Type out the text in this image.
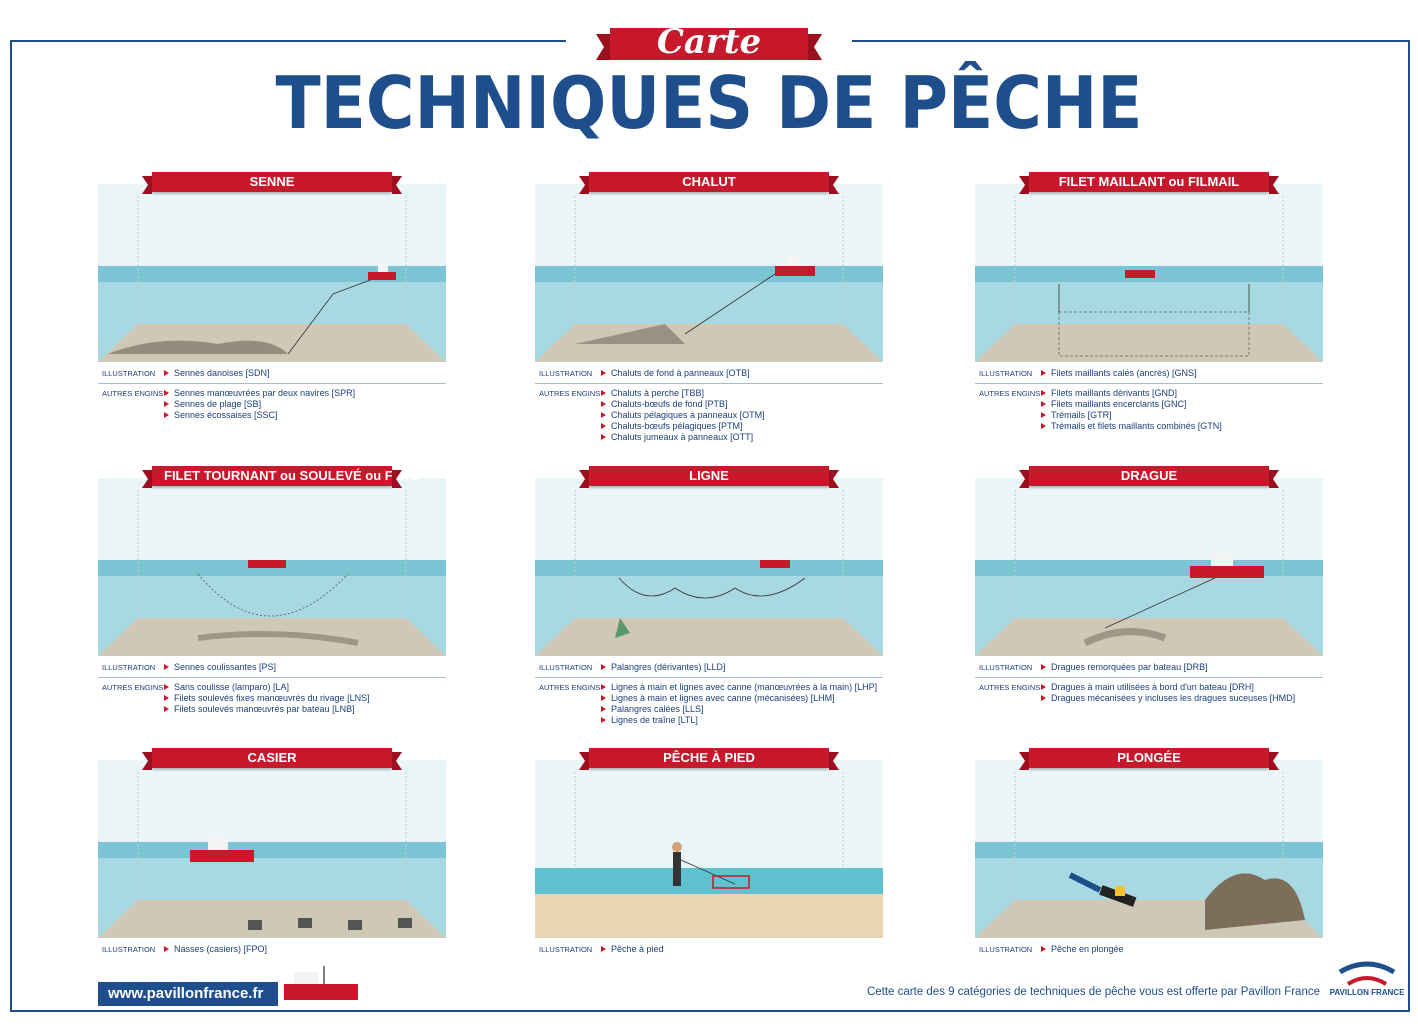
Carte
TECHNIQUES DE PÊCHE
SENNE
ILLUSTRATION	Sennes danoises [SDN]
AUTRES ENGINS	Sennes manœuvrées par deux navires [SPR]
Sennes de plage [SB]
Sennes écossaises [SSC]
CHALUT
ILLUSTRATION	Chaluts de fond à panneaux [OTB]
AUTRES ENGINS	Chaluts à perche [TBB]
Chaluts-bœufs de fond [PTB]
Chaluts pélagiques à panneaux [OTM]
Chaluts-bœufs pélagiques [PTM]
Chaluts jumeaux à panneaux [OTT]
FILET MAILLANT ou FILMAIL
ILLUSTRATION	Filets maillants calés (ancrés) [GNS]
AUTRES ENGINS	Filets maillants dérivants [GND]
Filets maillants encerclants [GNC]
Trémails [GTR]
Trémails et filets maillants combinés [GTN]
FILET TOURNANT ou SOULEVÉ ou FILTS
ILLUSTRATION	Sennes coulissantes [PS]
AUTRES ENGINS	Sans coulisse (lamparo) [LA]
Filets soulevés fixes manœuvrés du rivage [LNS]
Filets soulevés manœuvrés par bateau [LNB]
LIGNE
ILLUSTRATION	Palangres (dérivantes) [LLD]
AUTRES ENGINS	Lignes à main et lignes avec canne (manœuvrées à la main) [LHP]
Lignes à main et lignes avec canne (mécanisées) [LHM]
Palangres calées [LLS]
Lignes de traîne [LTL]
DRAGUE
ILLUSTRATION	Dragues remorquées par bateau [DRB]
AUTRES ENGINS	Dragues à main utilisées à bord d'un bateau [DRH]
Dragues mécanisées y incluses les dragues suceuses [HMD]
CASIER
ILLUSTRATION	Nasses (casiers) [FPO]
PÊCHE À PIED
ILLUSTRATION	Pêche à pied
PLONGÉE
ILLUSTRATION	Pêche en plongée
www.pavillonfrance.fr	Cette carte des 9 catégories de techniques de pêche vous est offerte par Pavillon France	PAVILLON FRANCE
